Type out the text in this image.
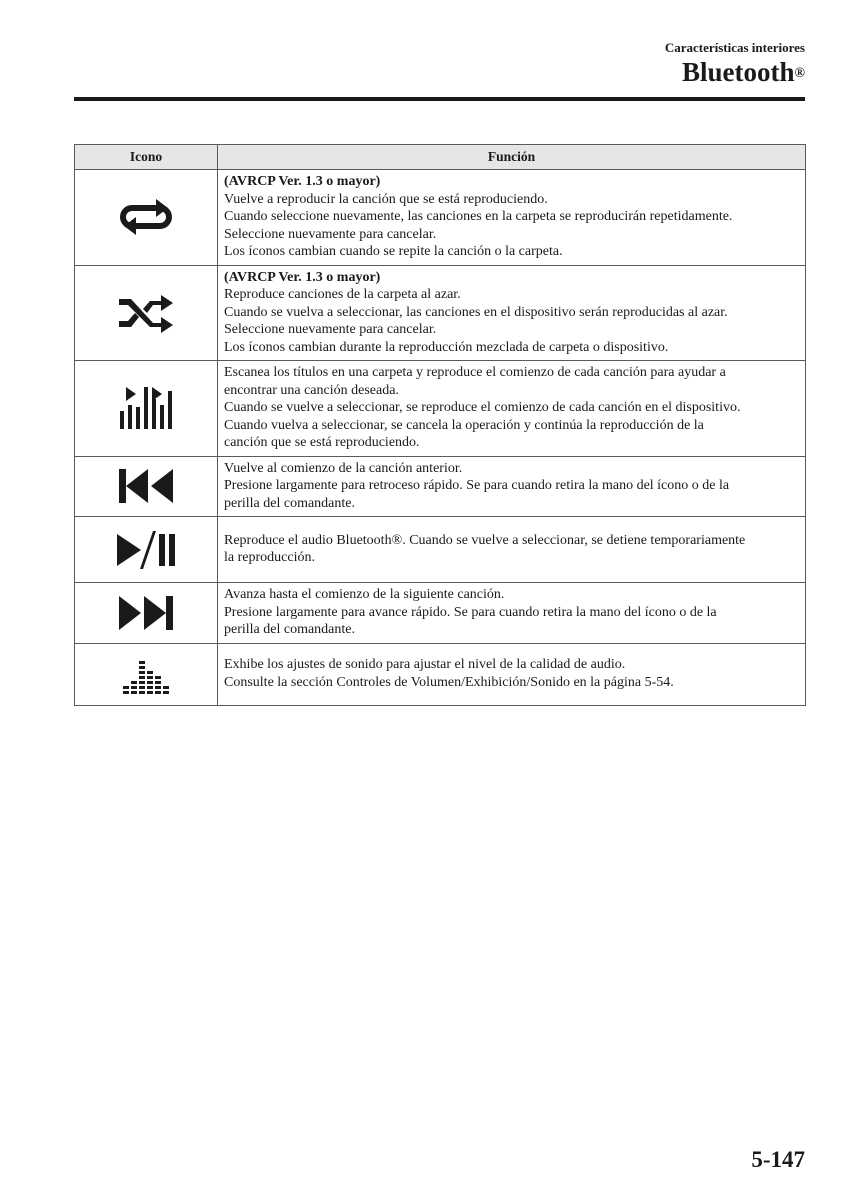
Características interiores
Bluetooth®
Icono	Función

(AVRCP Ver. 1.3 o mayor)
Vuelve a reproducir la canción que se está reproduciendo.
Cuando seleccione nuevamente, las canciones en la carpeta se reproducirán repetidamente.
Seleccione nuevamente para cancelar.
Los íconos cambian cuando se repite la canción o la carpeta.

(AVRCP Ver. 1.3 o mayor)
Reproduce canciones de la carpeta al azar.
Cuando se vuelva a seleccionar, las canciones en el dispositivo serán reproducidas al azar.
Seleccione nuevamente para cancelar.
Los íconos cambian durante la reproducción mezclada de carpeta o dispositivo.

Escanea los títulos en una carpeta y reproduce el comienzo de cada canción para ayudar a
encontrar una canción deseada.
Cuando se vuelve a seleccionar, se reproduce el comienzo de cada canción en el dispositivo.
Cuando vuelva a seleccionar, se cancela la operación y continúa la reproducción de la
canción que se está reproduciendo.

Vuelve al comienzo de la canción anterior.
Presione largamente para retroceso rápido. Se para cuando retira la mano del ícono o de la
perilla del comandante.

Reproduce el audio Bluetooth®. Cuando se vuelve a seleccionar, se detiene temporariamente
la reproducción.

Avanza hasta el comienzo de la siguiente canción.
Presione largamente para avance rápido. Se para cuando retira la mano del ícono o de la
perilla del comandante.

Exhibe los ajustes de sonido para ajustar el nivel de la calidad de audio.
Consulte la sección Controles de Volumen/Exhibición/Sonido en la página 5-54.
5-147
